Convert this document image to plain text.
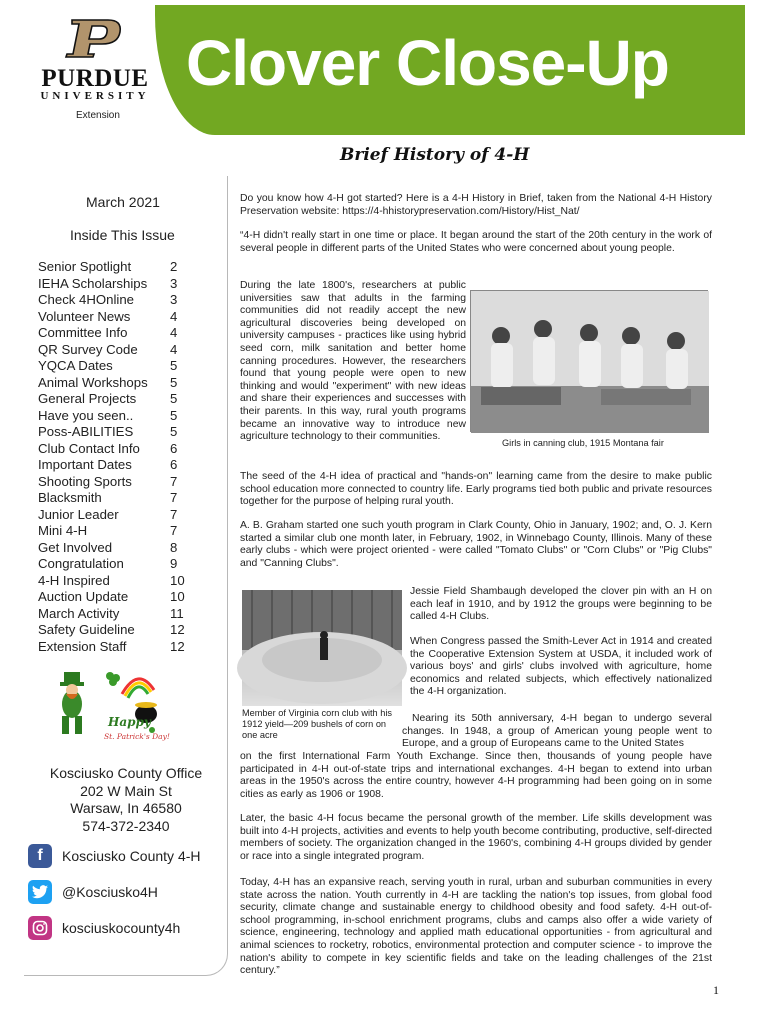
Clover Close-Up
PURDUE
UNIVERSITY
Extension
Brief History of 4-H
March 2021
Inside This Issue
Senior Spotlight	2
IEHA Scholarships 3
Check 4HOnline	3
Volunteer News	4
Committee Info	4
QR Survey Code 4
YQCA Dates	5
Animal Workshops 5
General Projects	5
Have you seen..	5
Poss-ABILITIES	5
Club Contact Info 6
Important Dates	6
Shooting Sports	7
Blacksmith	7
Junior Leader	7
Mini 4-H	7
Get Involved	8
Congratulation	9
4-H Inspired	10
Auction Update	10
March Activity	11
Safety Guideline	12
Extension Staff	12
Happy
St. Patrick's Day!
Kosciusko County Office
202 W Main St
Warsaw, In 46580
574-372-2340
f	Kosciusko County 4-H
@Kosciusko4H
kosciuskocounty4h

Do you know how 4-H got started? Here is a 4-H History in Brief, taken from the National 4-H History Preservation website: https://4-hhistorypreservation.com/History/Hist_Nat/

“4-H didn't really start in one time or place. It began around the start of the 20th century in the work of several people in different parts of the United States who were concerned about young people.

During the late 1800's, researchers at public universities saw that adults in the farming communities did not readily accept the new agricultural discoveries being developed on university campuses - practices like using hybrid seed corn, milk sanitation and better home canning procedures. However, the researchers found that young people were open to new thinking and would "experiment" with new ideas and share their experiences and successes with their parents. In this way, rural youth programs became an innovative way to introduce new agriculture technology to their communities.

Girls in canning club, 1915 Montana fair

The seed of the 4-H idea of practical and "hands-on" learning came from the desire to make public school education more connected to country life. Early programs tied both public and private resources together for the purpose of helping rural youth.

A. B. Graham started one such youth program in Clark County, Ohio in January, 1902; and, O. J. Kern started a similar club one month later, in February, 1902, in Winnebago County, Illinois. Many of these early clubs - which were project oriented - were called "Tomato Clubs" or "Corn Clubs" or "Pig Clubs" and "Canning Clubs".

Jessie Field Shambaugh developed the clover pin with an H on each leaf in 1910, and by 1912 the groups were beginning to be called 4-H Clubs.

When Congress passed the Smith-Lever Act in 1914 and created the Cooperative Extension System at USDA, it included work of various boys' and girls' clubs involved with agriculture, home economics and related subjects, which effectively nationalized the 4-H organization.

Member of Virginia corn club with his 1912 yield—209 bushels of corn on one acre

Nearing its 50th anniversary, 4-H began to undergo several changes. In 1948, a group of American young people went to Europe, and a group of Europeans came to the United States

on the first International Farm Youth Exchange. Since then, thousands of young people have participated in 4-H out-of-state trips and international exchanges. 4-H began to extend into urban areas in the 1950's across the entire country, however 4-H programming had been going on in some cities as early as 1906 or 1908.

Later, the basic 4-H focus became the personal growth of the member. Life skills development was built into 4-H projects, activities and events to help youth become contributing, productive, self-directed members of society. The organization changed in the 1960's, combining 4-H groups divided by gender or race into a single integrated program.

Today, 4-H has an expansive reach, serving youth in rural, urban and suburban communities in every state across the nation. Youth currently in 4-H are tackling the nation's top issues, from global food security, climate change and sustainable energy to childhood obesity and food safety. 4-H out-of-school programming, in-school enrichment programs, clubs and camps also offer a wide variety of science, engineering, technology and applied math educational opportunities - from agricultural and animal sciences to rocketry, robotics, environmental protection and computer science - to improve the nation's ability to compete in key scientific fields and take on the leading challenges of the 21st century.”

1
